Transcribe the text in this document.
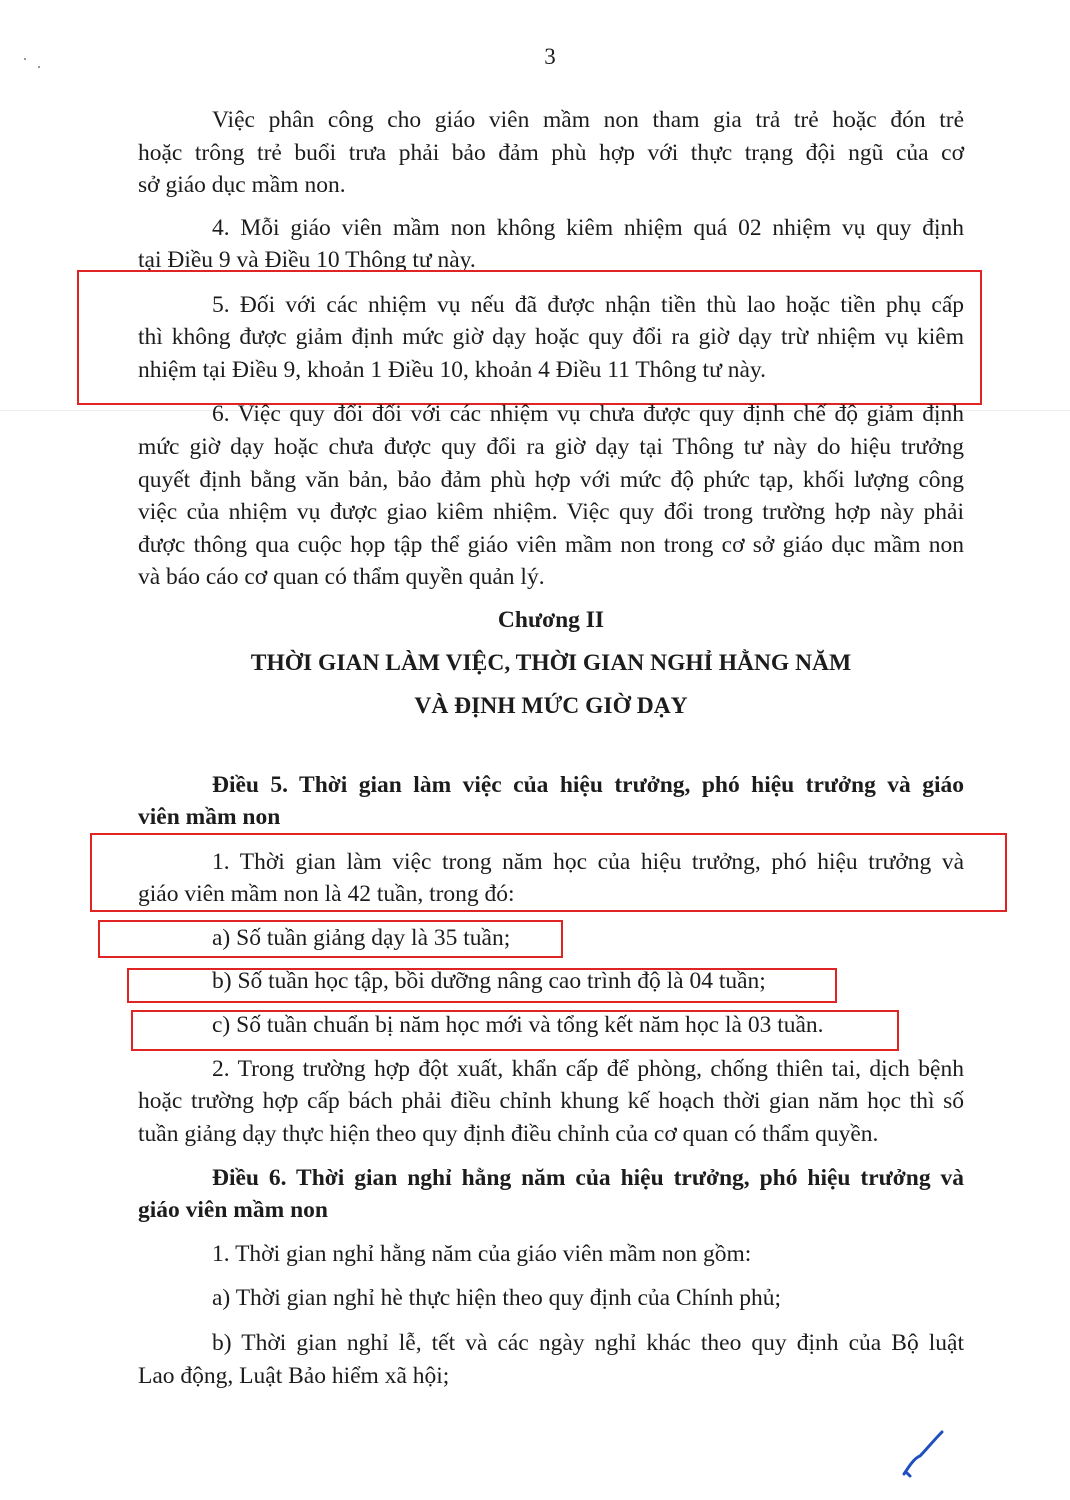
3
Việc phân công cho giáo viên mầm non tham gia trả trẻ hoặc đón trẻ
hoặc trông trẻ buổi trưa phải bảo đảm phù hợp với thực trạng đội ngũ của cơ
sở giáo dục mầm non.
4. Mỗi giáo viên mầm non không kiêm nhiệm quá 02 nhiệm vụ quy định
tại Điều 9 và Điều 10 Thông tư này.
5. Đối với các nhiệm vụ nếu đã được nhận tiền thù lao hoặc tiền phụ cấp
thì không được giảm định mức giờ dạy hoặc quy đổi ra giờ dạy trừ nhiệm vụ kiêm
nhiệm tại Điều 9, khoản 1 Điều 10, khoản 4 Điều 11 Thông tư này.
6. Việc quy đổi đối với các nhiệm vụ chưa được quy định chế độ giảm định
mức giờ dạy hoặc chưa được quy đổi ra giờ dạy tại Thông tư này do hiệu trưởng
quyết định bằng văn bản, bảo đảm phù hợp với mức độ phức tạp, khối lượng công
việc của nhiệm vụ được giao kiêm nhiệm. Việc quy đổi trong trường hợp này phải
được thông qua cuộc họp tập thể giáo viên mầm non trong cơ sở giáo dục mầm non
và báo cáo cơ quan có thẩm quyền quản lý.
Chương II
THỜI GIAN LÀM VIỆC, THỜI GIAN NGHỈ HẰNG NĂM
VÀ ĐỊNH MỨC GIỜ DẠY
Điều 5. Thời gian làm việc của hiệu trưởng, phó hiệu trưởng và giáo
viên mầm non
1. Thời gian làm việc trong năm học của hiệu trưởng, phó hiệu trưởng và
giáo viên mầm non là 42 tuần, trong đó:
a) Số tuần giảng dạy là 35 tuần;
b) Số tuần học tập, bồi dưỡng nâng cao trình độ là 04 tuần;
c) Số tuần chuẩn bị năm học mới và tổng kết năm học là 03 tuần.
2. Trong trường hợp đột xuất, khẩn cấp để phòng, chống thiên tai, dịch bệnh
hoặc trường hợp cấp bách phải điều chỉnh khung kế hoạch thời gian năm học thì số
tuần giảng dạy thực hiện theo quy định điều chỉnh của cơ quan có thẩm quyền.
Điều 6. Thời gian nghỉ hằng năm của hiệu trưởng, phó hiệu trưởng và
giáo viên mầm non
1. Thời gian nghỉ hằng năm của giáo viên mầm non gồm:
a) Thời gian nghỉ hè thực hiện theo quy định của Chính phủ;
b) Thời gian nghỉ lễ, tết và các ngày nghỉ khác theo quy định của Bộ luật
Lao động, Luật Bảo hiểm xã hội;
